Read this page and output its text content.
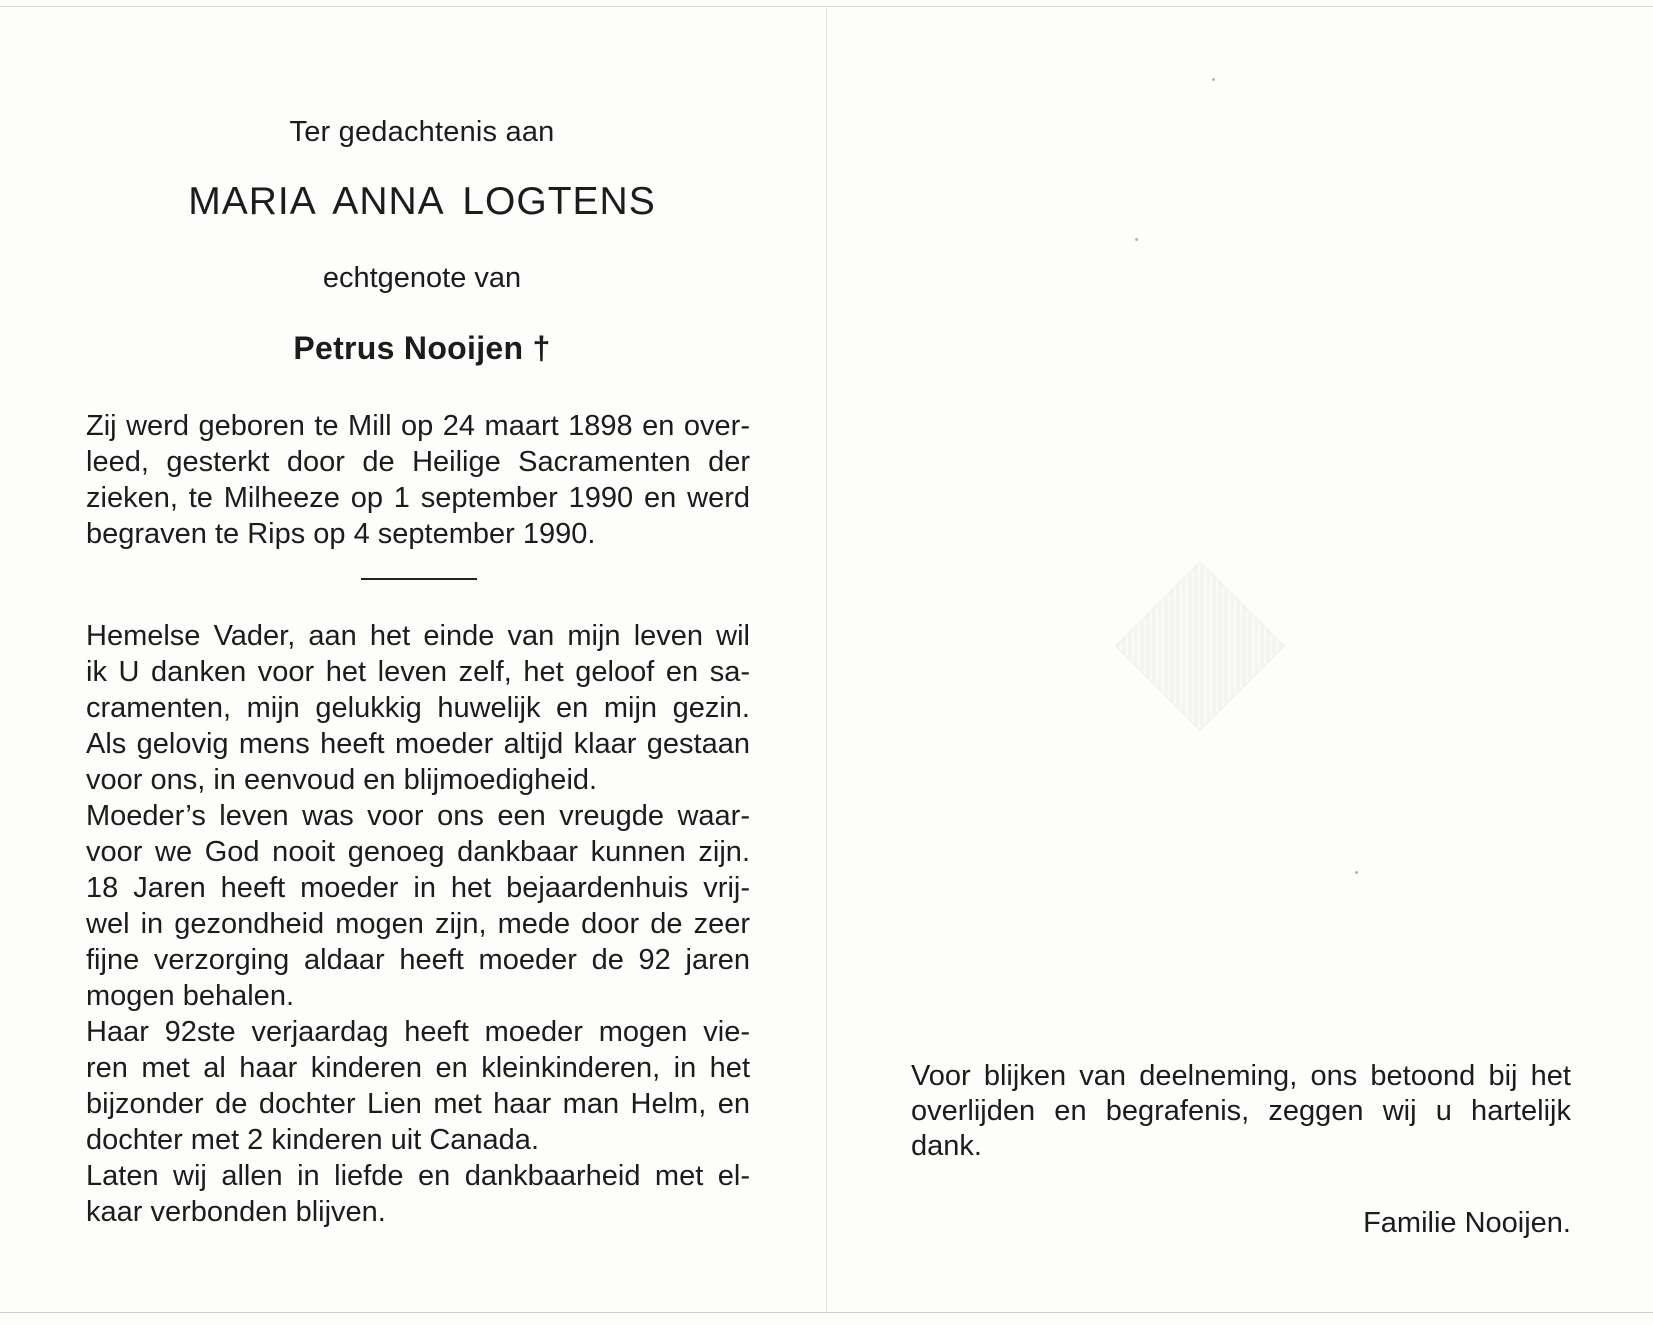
Ter gedachtenis aan
MARIA ANNA LOGTENS
echtgenote van
Petrus Nooijen †

Zij werd geboren te Mill op 24 maart 1898 en over-
leed, gesterkt door de Heilige Sacramenten der
zieken, te Milheeze op 1 september 1990 en werd
begraven te Rips op 4 september 1990.

Hemelse Vader, aan het einde van mijn leven wil
ik U danken voor het leven zelf, het geloof en sa-
cramenten, mijn gelukkig huwelijk en mijn gezin.
Als gelovig mens heeft moeder altijd klaar gestaan
voor ons, in eenvoud en blijmoedigheid.
Moeder’s leven was voor ons een vreugde waar-
voor we God nooit genoeg dankbaar kunnen zijn.
18 Jaren heeft moeder in het bejaardenhuis vrij-
wel in gezondheid mogen zijn, mede door de zeer
fijne verzorging aldaar heeft moeder de 92 jaren
mogen behalen.
Haar 92ste verjaardag heeft moeder mogen vie-
ren met al haar kinderen en kleinkinderen, in het
bijzonder de dochter Lien met haar man Helm, en
dochter met 2 kinderen uit Canada.
Laten wij allen in liefde en dankbaarheid met el-
kaar verbonden blijven.

Voor blijken van deelneming, ons betoond bij het
overlijden en begrafenis, zeggen wij u hartelijk
dank.

Familie Nooijen.
